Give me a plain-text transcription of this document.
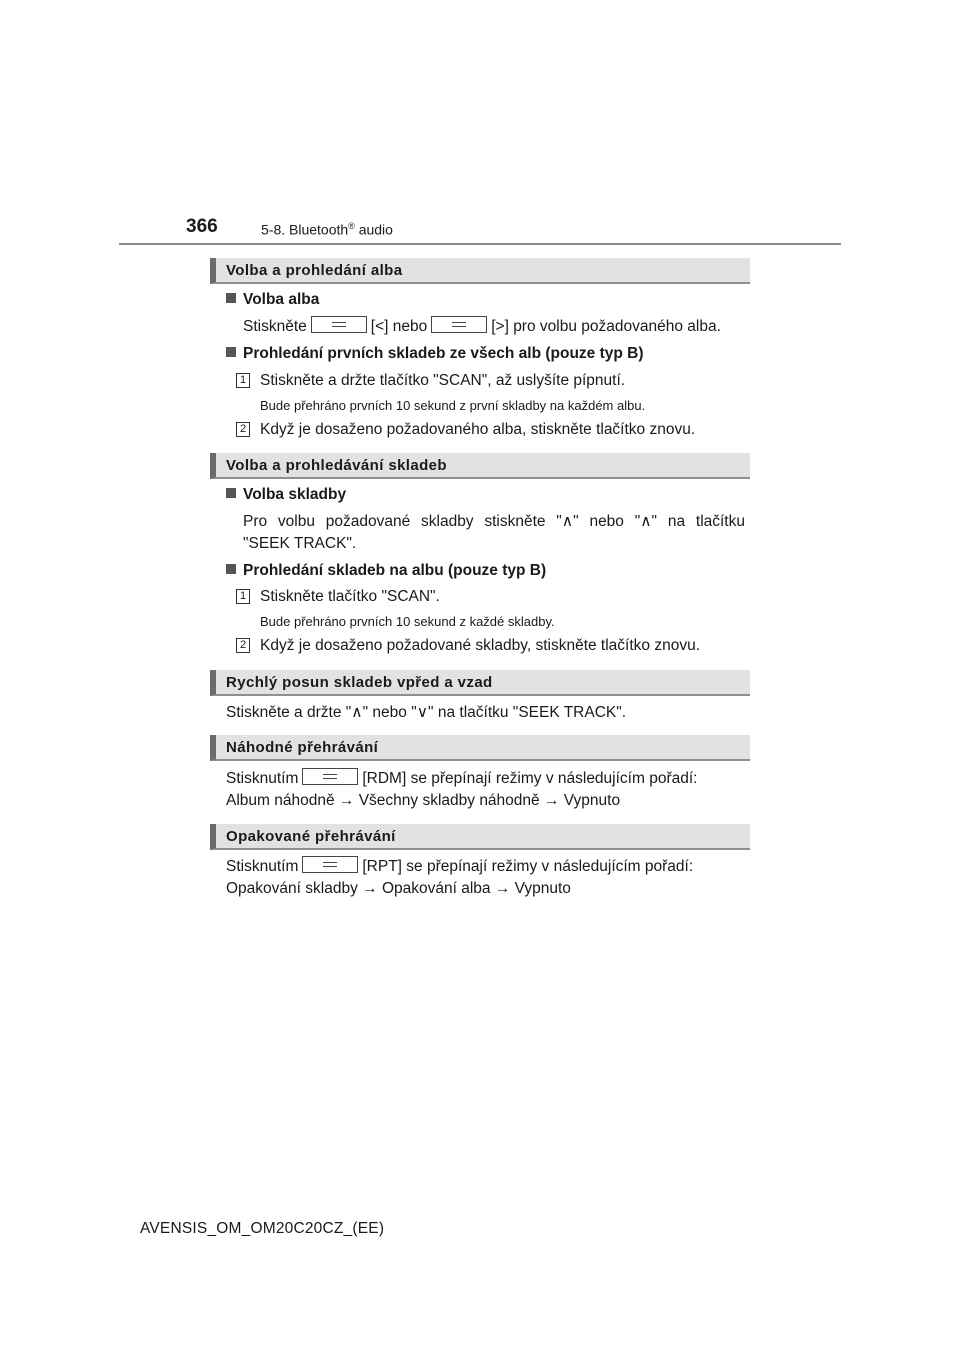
366	5-8. Bluetooth® audio
Volba a prohledání alba
Volba alba
Stiskněte	[<] nebo	[>] pro volbu požadovaného alba.
Prohledání prvních skladeb ze všech alb (pouze typ B)
1 Stiskněte a držte tlačítko "SCAN", až uslyšíte pípnutí.
Bude přehráno prvních 10 sekund z první skladby na každém albu.
2 Když je dosaženo požadovaného alba, stiskněte tlačítko znovu.
Volba a prohledávání skladeb
Volba skladby
Pro volbu požadované skladby stiskněte "∧" nebo "∧" na tlačítku
"SEEK TRACK".
Prohledání skladeb na albu (pouze typ B)
1 Stiskněte tlačítko "SCAN".
Bude přehráno prvních 10 sekund z každé skladby.
2 Když je dosaženo požadované skladby, stiskněte tlačítko znovu.
Rychlý posun skladeb vpřed a vzad
Stiskněte a držte "∧" nebo "∨" na tlačítku "SEEK TRACK".
Náhodné přehrávání
Stisknutím	[RDM] se přepínají režimy v následujícím pořadí:
Album náhodně → Všechny skladby náhodně → Vypnuto
Opakované přehrávání
Stisknutím	[RPT] se přepínají režimy v následujícím pořadí:
Opakování skladby → Opakování alba → Vypnuto
AVENSIS_OM_OM20C20CZ_(EE)
